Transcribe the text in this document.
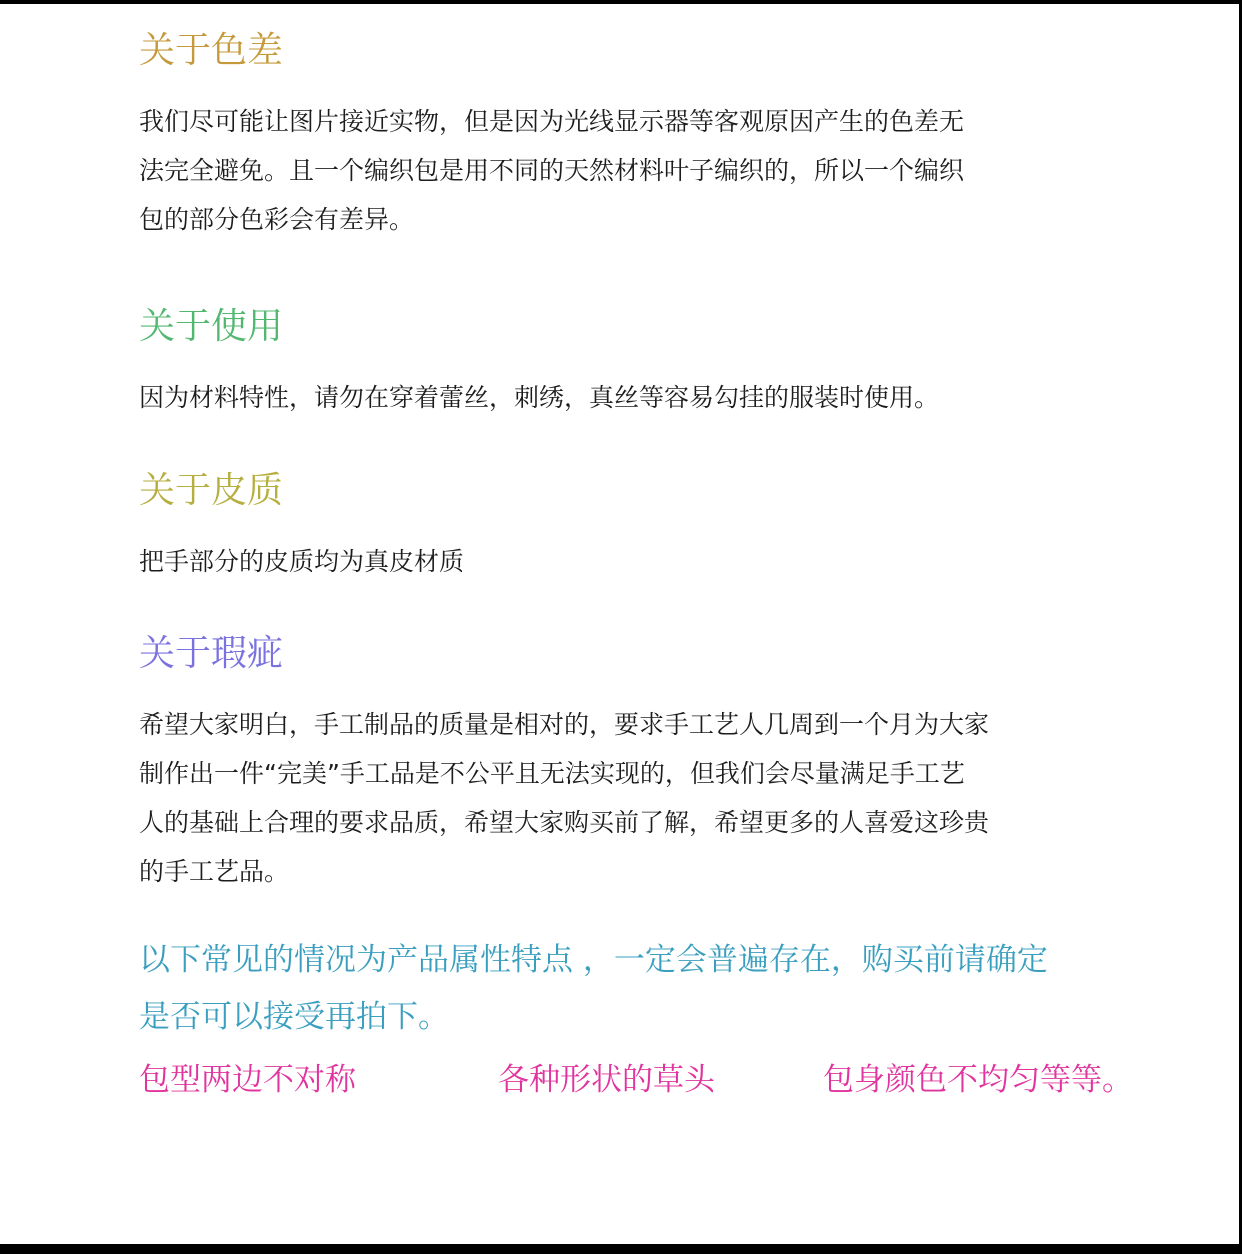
关于色差

我们尽可能让图片接近实物，但是因为光线显示器等客观原因产生的色差无

法完全避免。且一个编织包是用不同的天然材料叶子编织的，所以一个编织

包的部分色彩会有差异。

关于使用

因为材料特性，请勿在穿着蕾丝，刺绣，真丝等容易勾挂的服装时使用。

关于皮质

把手部分的皮质均为真皮材质

关于瑕疵

希望大家明白，手工制品的质量是相对的，要求手工艺人几周到一个月为大家

制作出一件“完美”手工品是不公平且无法实现的，但我们会尽量满足手工艺

人的基础上合理的要求品质，希望大家购买前了解，希望更多的人喜爱这珍贵

的手工艺品。

以下常见的情况为产品属性特点 ，一定会普遍存在，购买前请确定
是否可以接受再拍下。
包型两边不对称	各种形状的草头	包身颜色不均匀等等。
